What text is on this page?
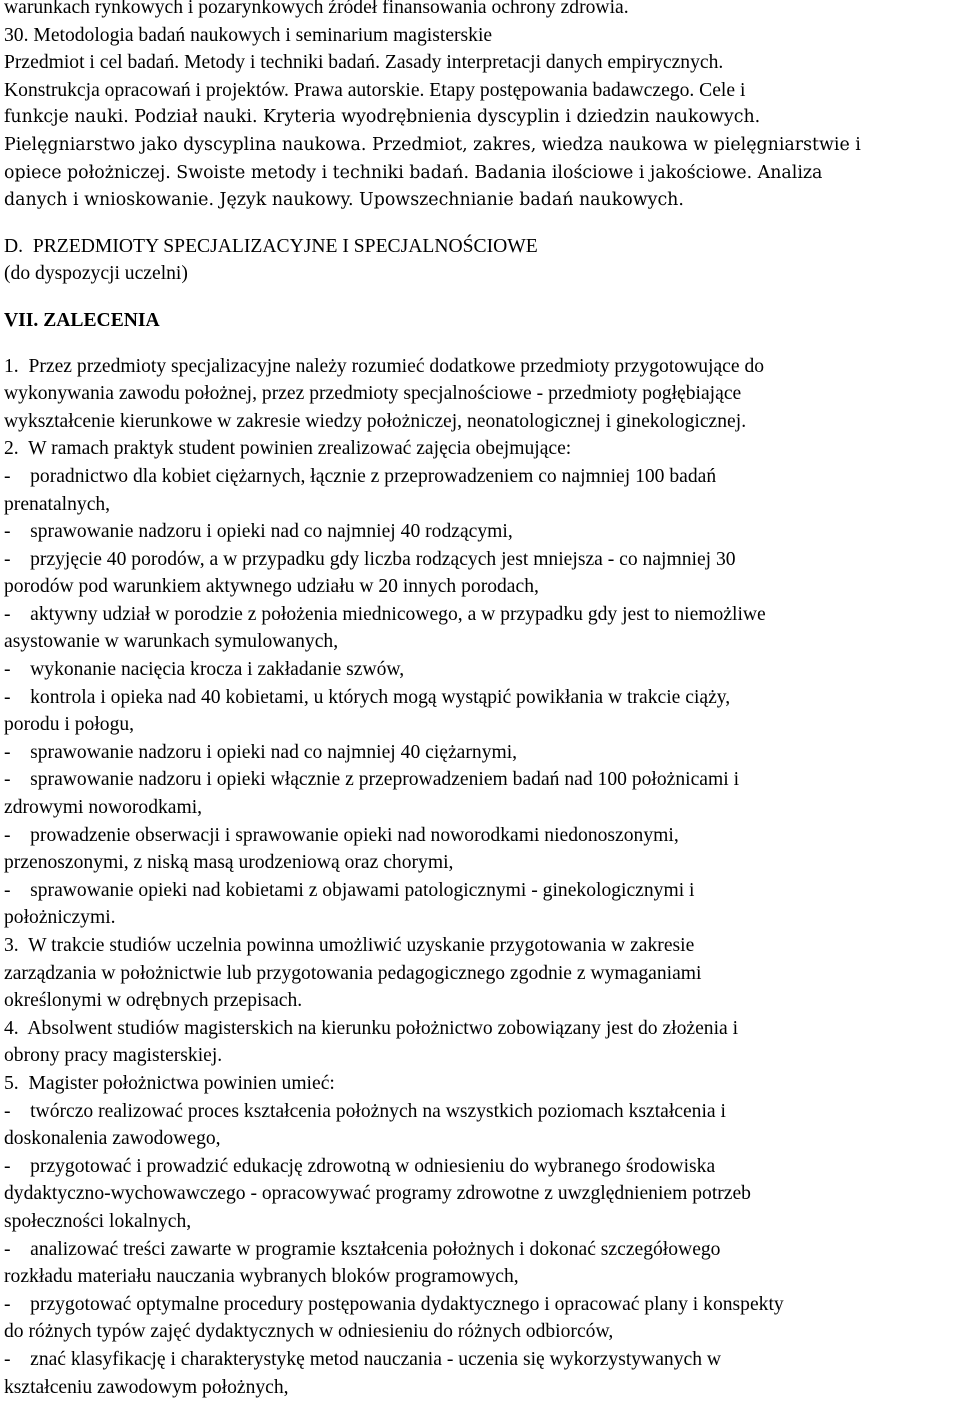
warunkach rynkowych i pozarynkowych źródeł finansowania ochrony zdrowia.
30. Metodologia badań naukowych i seminarium magisterskie
Przedmiot i cel badań. Metody i techniki badań. Zasady interpretacji danych empirycznych.
Konstrukcja opracowań i projektów. Prawa autorskie. Etapy postępowania badawczego. Cele i
funkcje nauki. Podział nauki. Kryteria wyodrębnienia dyscyplin i dziedzin naukowych.
Pielęgniarstwo jako dyscyplina naukowa. Przedmiot, zakres, wiedza naukowa w pielęgniarstwie i
opiece położniczej. Swoiste metody i techniki badań. Badania ilościowe i jakościowe. Analiza
danych i wnioskowanie. Język naukowy. Upowszechnianie badań naukowych.
D.  PRZEDMIOTY SPECJALIZACYJNE I SPECJALNOŚCIOWE
(do dyspozycji uczelni)
VII. ZALECENIA
1.  Przez przedmioty specjalizacyjne należy rozumieć dodatkowe przedmioty przygotowujące do
wykonywania zawodu położnej, przez przedmioty specjalnościowe - przedmioty pogłębiające
wykształcenie kierunkowe w zakresie wiedzy położniczej, neonatologicznej i ginekologicznej.
2.  W ramach praktyk student powinien zrealizować zajęcia obejmujące:
-    poradnictwo dla kobiet ciężarnych, łącznie z przeprowadzeniem co najmniej 100 badań
prenatalnych,
-    sprawowanie nadzoru i opieki nad co najmniej 40 rodzącymi,
-    przyjęcie 40 porodów, a w przypadku gdy liczba rodzących jest mniejsza - co najmniej 30
porodów pod warunkiem aktywnego udziału w 20 innych porodach,
-    aktywny udział w porodzie z położenia miednicowego, a w przypadku gdy jest to niemożliwe
asystowanie w warunkach symulowanych,
-    wykonanie nacięcia krocza i zakładanie szwów,
-    kontrola i opieka nad 40 kobietami, u których mogą wystąpić powikłania w trakcie ciąży,
porodu i połogu,
-    sprawowanie nadzoru i opieki nad co najmniej 40 ciężarnymi,
-    sprawowanie nadzoru i opieki włącznie z przeprowadzeniem badań nad 100 położnicami i
zdrowymi noworodkami,
-    prowadzenie obserwacji i sprawowanie opieki nad noworodkami niedonoszonymi,
przenoszonymi, z niską masą urodzeniową oraz chorymi,
-    sprawowanie opieki nad kobietami z objawami patologicznymi - ginekologicznymi i
położniczymi.
3.  W trakcie studiów uczelnia powinna umożliwić uzyskanie przygotowania w zakresie
zarządzania w położnictwie lub przygotowania pedagogicznego zgodnie z wymaganiami
określonymi w odrębnych przepisach.
4.  Absolwent studiów magisterskich na kierunku położnictwo zobowiązany jest do złożenia i
obrony pracy magisterskiej.
5.  Magister położnictwa powinien umieć:
-    twórczo realizować proces kształcenia położnych na wszystkich poziomach kształcenia i
doskonalenia zawodowego,
-    przygotować i prowadzić edukację zdrowotną w odniesieniu do wybranego środowiska
dydaktyczno-wychowawczego - opracowywać programy zdrowotne z uwzględnieniem potrzeb
społeczności lokalnych,
-    analizować treści zawarte w programie kształcenia położnych i dokonać szczegółowego
rozkładu materiału nauczania wybranych bloków programowych,
-    przygotować optymalne procedury postępowania dydaktycznego i opracować plany i konspekty
do różnych typów zajęć dydaktycznych w odniesieniu do różnych odbiorców,
-    znać klasyfikację i charakterystykę metod nauczania - uczenia się wykorzystywanych w
kształceniu zawodowym położnych,
